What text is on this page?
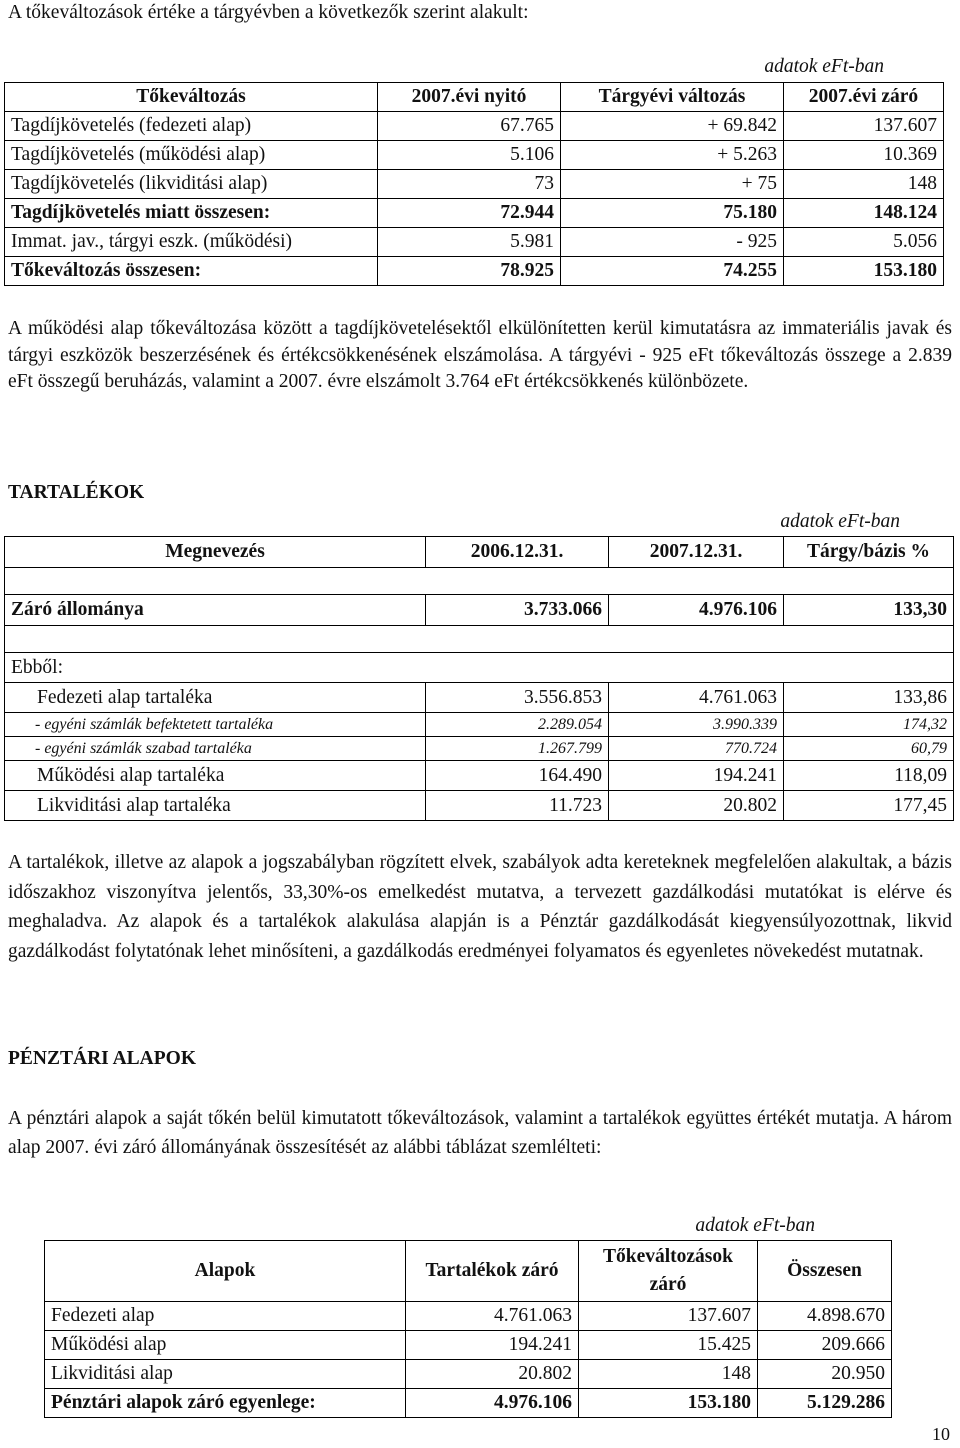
A tőkeváltozások értéke a tárgyévben a következők szerint alakult:
adatok eFt-ban
Tőkeváltozás	2007.évi nyitó	Tárgyévi változás	2007.évi záró
Tagdíjkövetelés (fedezeti alap)	67.765	+ 69.842	137.607
Tagdíjkövetelés (működési alap)	5.106	+ 5.263	10.369
Tagdíjkövetelés (likviditási alap)	73	+ 75	148
Tagdíjkövetelés miatt összesen:	72.944	75.180	148.124
Immat. jav., tárgyi eszk. (működési)	5.981	- 925	5.056
Tőkeváltozás összesen:	78.925	74.255	153.180

A működési alap tőkeváltozása között a tagdíjkövetelésektől elkülönítetten kerül kimutatásra az immateriális javak és tárgyi eszközök beszerzésének és értékcsökkenésének elszámolása. A tárgyévi - 925 eFt tőkeváltozás összege a 2.839 eFt összegű beruházás, valamint a 2007. évre elszámolt 3.764 eFt értékcsökkenés különbözete.

TARTALÉKOK
adatok eFt-ban
Megnevezés	2006.12.31.	2007.12.31.	Tárgy/bázis %

Záró állománya	3.733.066	4.976.106	133,30

Ebből:			
Fedezeti alap tartaléka	3.556.853	4.761.063	133,86
- egyéni számlák befektetett tartaléka	2.289.054	3.990.339	174,32
- egyéni számlák szabad tartaléka	1.267.799	770.724	60,79
Működési alap tartaléka	164.490	194.241	118,09
Likviditási alap tartaléka	11.723	20.802	177,45

A tartalékok, illetve az alapok a jogszabályban rögzített elvek, szabályok adta kereteknek megfelelően alakultak, a bázis időszakhoz viszonyítva jelentős, 33,30%-os emelkedést mutatva, a tervezett gazdálkodási mutatókat is elérve és meghaladva. Az alapok és a tartalékok alakulása alapján is a Pénztár gazdálkodását kiegyensúlyozottnak, likvid gazdálkodást folytatónak lehet minősíteni, a gazdálkodás eredményei folyamatos és egyenletes növekedést mutatnak.

PÉNZTÁRI ALAPOK

A pénztári alapok a saját tőkén belül kimutatott tőkeváltozások, valamint a tartalékok együttes értékét mutatja. A három alap 2007. évi záró állományának összesítését az alábbi táblázat szemlélteti:

adatok eFt-ban
Alapok	Tartalékok záró	Tőkeváltozások záró	Összesen
Fedezeti alap	4.761.063	137.607	4.898.670
Működési alap	194.241	15.425	209.666
Likviditási alap	20.802	148	20.950
Pénztári alapok záró egyenlege:	4.976.106	153.180	5.129.286
10
